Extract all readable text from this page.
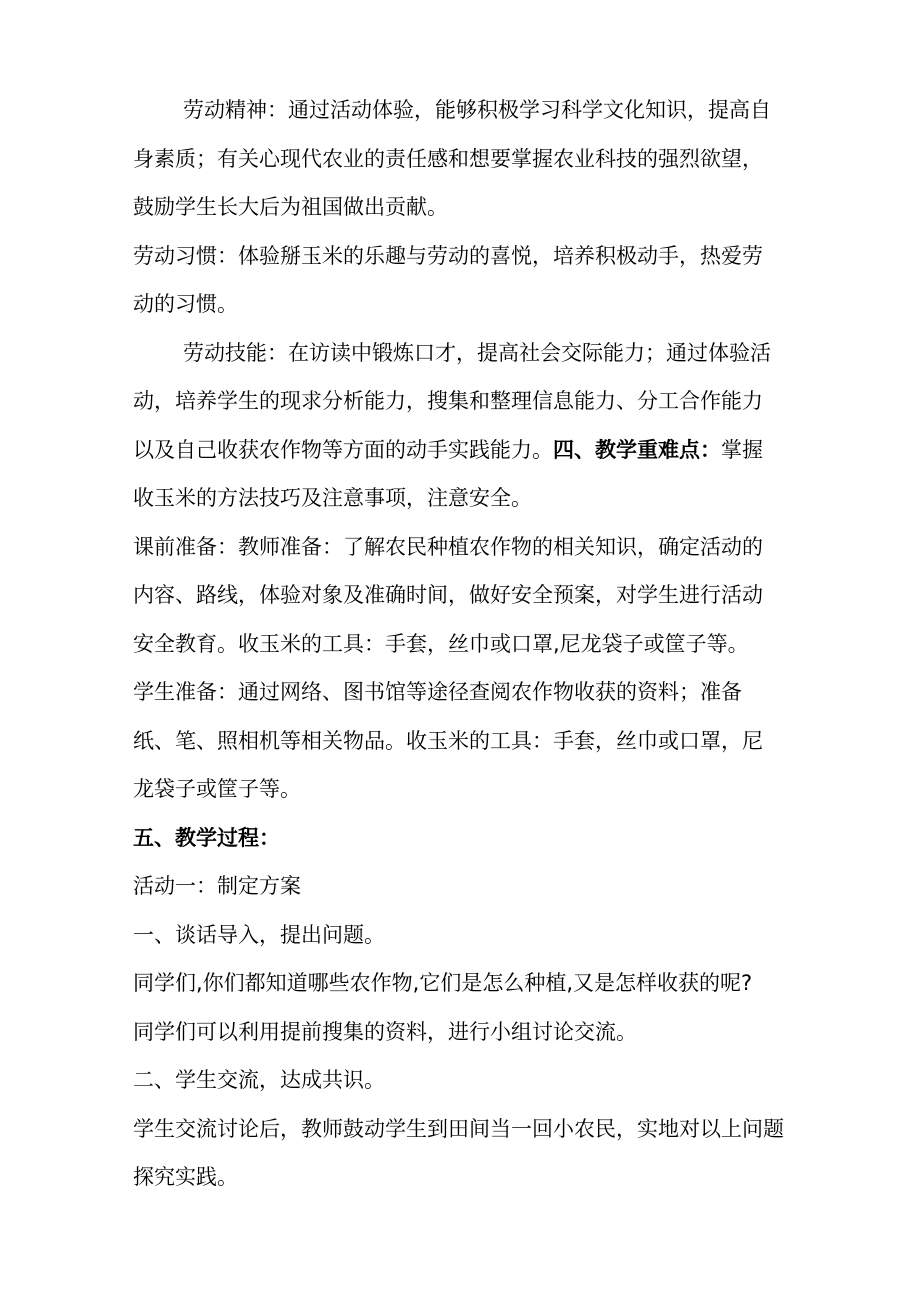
劳动精神：通过活动体验，能够积极学习科学文化知识，提高自
身素质；有关心现代农业的责任感和想要掌握农业科技的强烈欲望，
鼓励学生长大后为祖国做出贡献。
劳动习惯：体验掰玉米的乐趣与劳动的喜悦，培养积极动手，热爱劳
动的习惯。
劳动技能：在访读中锻炼口才，提高社会交际能力；通过体验活
动，培养学生的现求分析能力，搜集和整理信息能力、分工合作能力
以及自己收获农作物等方面的动手实践能力。四、教学重难点：掌握
收玉米的方法技巧及注意事项，注意安全。
课前准备：教师准备：了解农民种植农作物的相关知识，确定活动的
内容、路线，体验对象及准确时间，做好安全预案，对学生进行活动
安全教育。收玉米的工具：手套，丝巾或口罩,尼龙袋子或筐子等。
学生准备：通过网络、图书馆等途径查阅农作物收获的资料；准备
纸、笔、照相机等相关物品。收玉米的工具：手套，丝巾或口罩，尼
龙袋子或筐子等。
五、教学过程：
活动一：制定方案
一、谈话导入，提出问题。
同学们,你们都知道哪些农作物,它们是怎么种植,又是怎样收获的呢?
同学们可以利用提前搜集的资料，进行小组讨论交流。
二、学生交流，达成共识。
学生交流讨论后，教师鼓动学生到田间当一回小农民，实地对以上问题
探究实践。
